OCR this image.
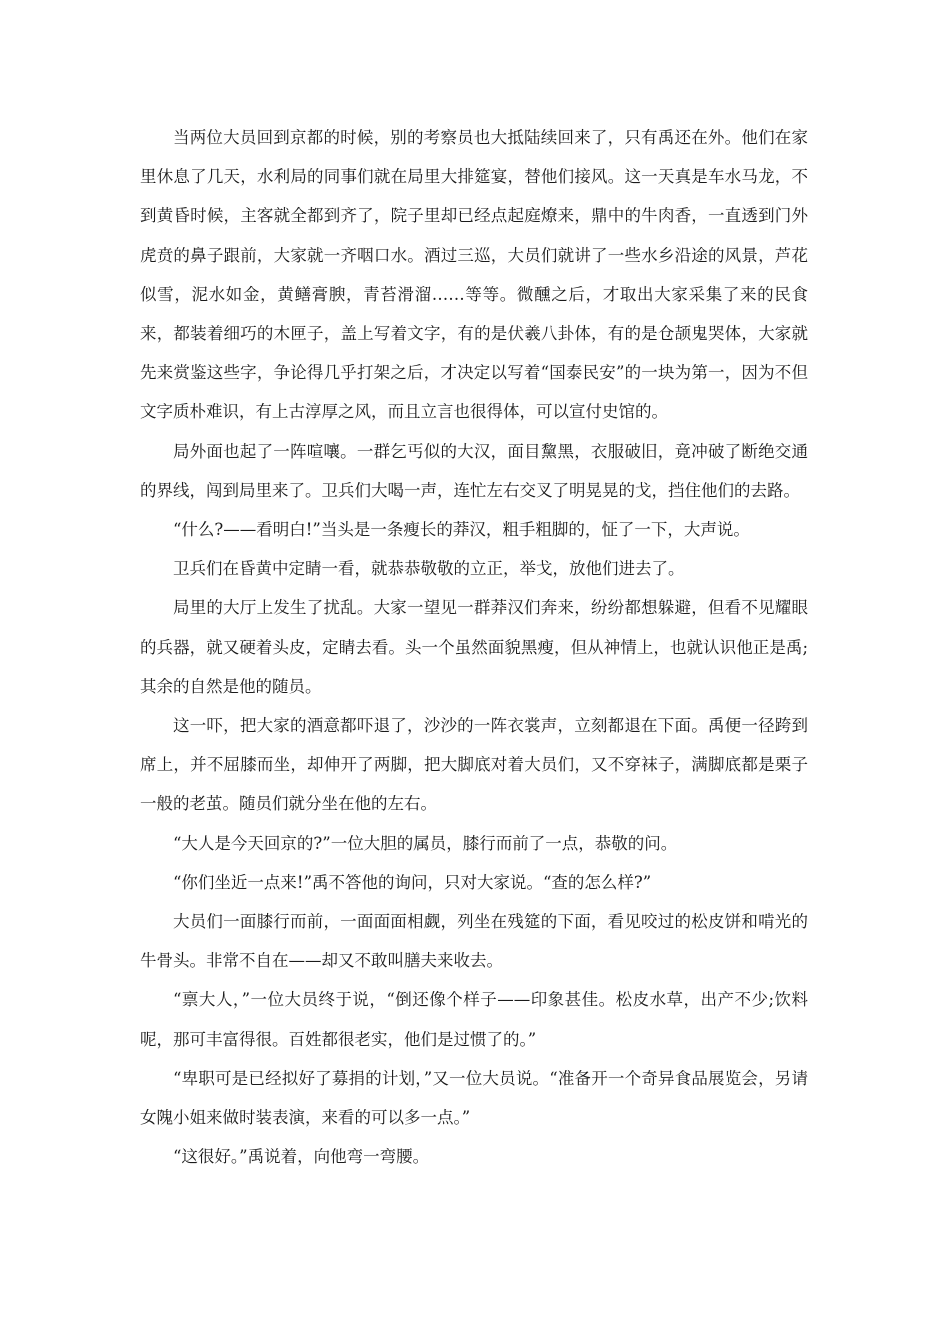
当两位大员回到京都的时候，别的考察员也大抵陆续回来了，只有禹还在外。他们在家里休息了几天，水利局的同事们就在局里大排筵宴，替他们接风。这一天真是车水马龙，不到黄昏时候，主客就全都到齐了，院子里却已经点起庭燎来，鼎中的牛肉香，一直透到门外虎贲的鼻子跟前，大家就一齐咽口水。酒过三巡，大员们就讲了一些水乡沿途的风景，芦花似雪，泥水如金，黄鳝膏腴，青苔滑溜……等等。微醺之后，才取出大家采集了来的民食来，都装着细巧的木匣子，盖上写着文字，有的是伏羲八卦体，有的是仓颉鬼哭体，大家就先来赏鉴这些字，争论得几乎打架之后，才决定以写着“国泰民安”的一块为第一，因为不但文字质朴难识，有上古淳厚之风，而且立言也很得体，可以宣付史馆的。

局外面也起了一阵喧嚷。一群乞丐似的大汉，面目黧黑，衣服破旧，竟冲破了断绝交通的界线，闯到局里来了。卫兵们大喝一声，连忙左右交叉了明晃晃的戈，挡住他们的去路。

“什么?——看明白!”当头是一条瘦长的莽汉，粗手粗脚的，怔了一下，大声说。

卫兵们在昏黄中定睛一看，就恭恭敬敬的立正，举戈，放他们进去了。

局里的大厅上发生了扰乱。大家一望见一群莽汉们奔来，纷纷都想躲避，但看不见耀眼的兵器，就又硬着头皮，定睛去看。头一个虽然面貌黑瘦，但从神情上，也就认识他正是禹;其余的自然是他的随员。

这一吓，把大家的酒意都吓退了，沙沙的一阵衣裳声，立刻都退在下面。禹便一径跨到席上，并不屈膝而坐，却伸开了两脚，把大脚底对着大员们，又不穿袜子，满脚底都是栗子一般的老茧。随员们就分坐在他的左右。

“大人是今天回京的?”一位大胆的属员，膝行而前了一点，恭敬的问。

“你们坐近一点来!”禹不答他的询问，只对大家说。“查的怎么样?”

大员们一面膝行而前，一面面面相觑，列坐在残筵的下面，看见咬过的松皮饼和啃光的牛骨头。非常不自在——却又不敢叫膳夫来收去。

“禀大人，”一位大员终于说，“倒还像个样子——印象甚佳。松皮水草，出产不少;饮料呢，那可丰富得很。百姓都很老实，他们是过惯了的。”

“卑职可是已经拟好了募捐的计划，”又一位大员说。“准备开一个奇异食品展览会，另请女隗小姐来做时装表演，来看的可以多一点。”

“这很好。”禹说着，向他弯一弯腰。
